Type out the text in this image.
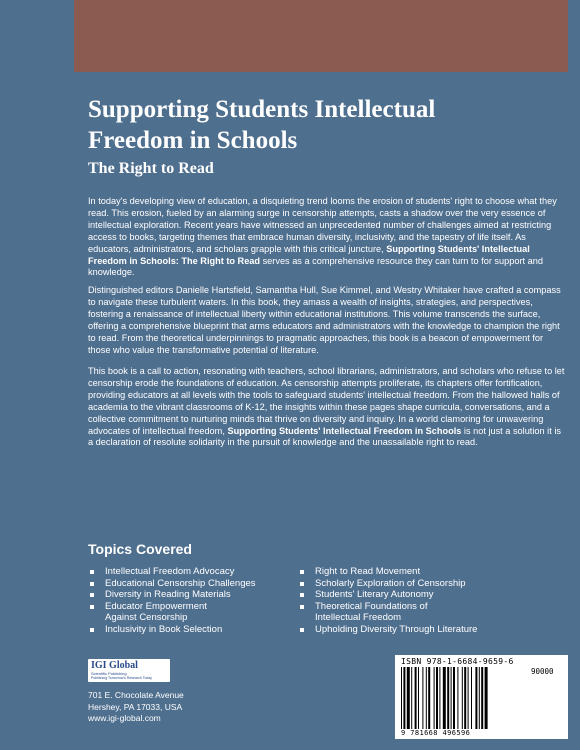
Supporting Students Intellectual Freedom in Schools
The Right to Read
In today's developing view of education, a disquieting trend looms the erosion of students' right to choose what they read. This erosion, fueled by an alarming surge in censorship attempts, casts a shadow over the very essence of intellectual exploration. Recent years have witnessed an unprecedented number of challenges aimed at restricting access to books, targeting themes that embrace human diversity, inclusivity, and the tapestry of life itself. As educators, administrators, and scholars grapple with this critical juncture, Supporting Students' Intellectual Freedom in Schools: The Right to Read serves as a comprehensive resource they can turn to for support and knowledge.
Distinguished editors Danielle Hartsfield, Samantha Hull, Sue Kimmel, and Westry Whitaker have crafted a compass to navigate these turbulent waters. In this book, they amass a wealth of insights, strategies, and perspectives, fostering a renaissance of intellectual liberty within educational institutions. This volume transcends the surface, offering a comprehensive blueprint that arms educators and administrators with the knowledge to champion the right to read. From the theoretical underpinnings to pragmatic approaches, this book is a beacon of empowerment for those who value the transformative potential of literature.
This book is a call to action, resonating with teachers, school librarians, administrators, and scholars who refuse to let censorship erode the foundations of education. As censorship attempts proliferate, its chapters offer fortification, providing educators at all levels with the tools to safeguard students' intellectual freedom. From the hallowed halls of academia to the vibrant classrooms of K-12, the insights within these pages shape curricula, conversations, and a collective commitment to nurturing minds that thrive on diversity and inquiry. In a world clamoring for unwavering advocates of intellectual freedom, Supporting Students' Intellectual Freedom in Schools is not just a solution it is a declaration of resolute solidarity in the pursuit of knowledge and the unassailable right to read.
Topics Covered
Intellectual Freedom Advocacy
Educational Censorship Challenges
Diversity in Reading Materials
Educator Empowerment
Against Censorship
Inclusivity in Book Selection
Right to Read Movement
Scholarly Exploration of Censorship
Students' Literary Autonomy
Theoretical Foundations of
Intellectual Freedom
Upholding Diversity Through Literature
IGI Global
Scientific Publishing
Publishing Tomorrow's Research Today
701 E. Chocolate Avenue
Hershey, PA 17033, USA
www.igi-global.com
ISBN 978-1-6684-9659-6
90000
9 781668 496596
